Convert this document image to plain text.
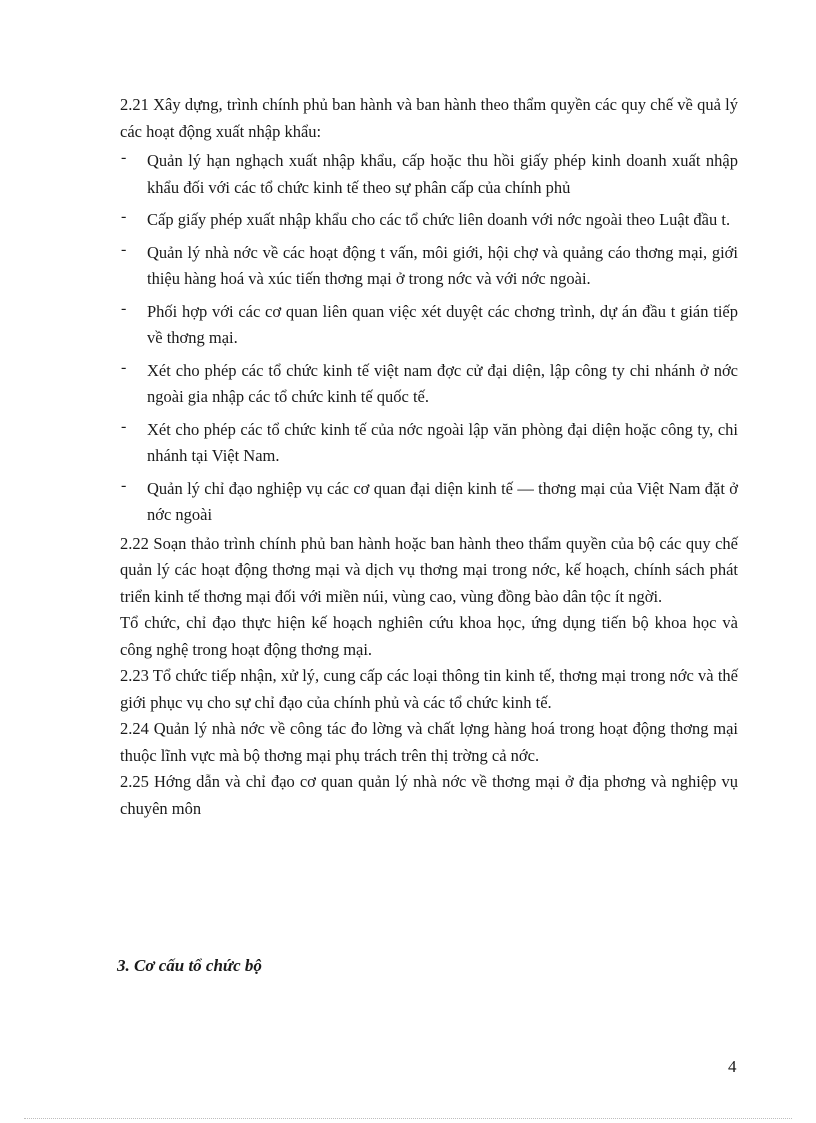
2.21 Xây dựng, trình chính phủ ban hành và ban hành theo thẩm quyền các quy chế về quả lý các hoạt động xuất nhập khẩu:

- Quản lý hạn nghạch xuất nhập khẩu, cấp hoặc thu hồi giấy phép kinh doanh xuất nhập khẩu đối với các tổ chức kinh tế theo sự phân cấp của chính phủ
- Cấp giấy phép xuất nhập khẩu cho các tổ chức liên doanh với nớc ngoài theo Luật đầu t.
- Quản lý nhà nớc về các hoạt động t vấn, môi giới, hội chợ và quảng cáo thơng mại, giới thiệu hàng hoá và xúc tiến thơng mại ở trong nớc và với nớc ngoài.
- Phối hợp với các cơ quan liên quan việc xét duyệt các chơng trình, dự án đầu t gián tiếp về thơng mại.
- Xét cho phép các tổ chức kinh tế việt nam đợc cử đại diện, lập công ty chi nhánh ở nớc ngoài gia nhập các tổ chức kinh tế quốc tế.
- Xét cho phép các tổ chức kinh tế của nớc ngoài lập văn phòng đại diện hoặc công ty, chi nhánh tại Việt Nam.
- Quản lý chỉ đạo nghiệp vụ các cơ quan đại diện kinh tế — thơng mại của Việt Nam đặt ở nớc ngoài

2.22 Soạn thảo trình chính phủ ban hành hoặc ban hành theo thẩm quyền của bộ các quy chế quản lý các hoạt động thơng mại và dịch vụ thơng mại trong nớc, kế hoạch, chính sách phát triển kinh tế thơng mại đối với miền núi, vùng cao, vùng đồng bào dân tộc ít ngời.

Tổ chức, chỉ đạo thực hiện kế hoạch nghiên cứu khoa học, ứng dụng tiến bộ khoa học và công nghệ trong hoạt động thơng mại.

2.23 Tổ chức tiếp nhận, xử lý, cung cấp các loại thông tin kinh tế, thơng mại trong nớc và thế giới phục vụ cho sự chỉ đạo của chính phủ và các tổ chức kinh tế.

2.24 Quản lý nhà nớc về công tác đo lờng và chất lợng hàng hoá trong hoạt động thơng mại thuộc lĩnh vực mà bộ thơng mại phụ trách trên thị trờng cả nớc.

2.25 Hớng dẫn và chỉ đạo cơ quan quản lý nhà nớc về thơng mại ở địa phơng và nghiệp vụ chuyên môn

3. Cơ cấu tổ chức bộ
4
